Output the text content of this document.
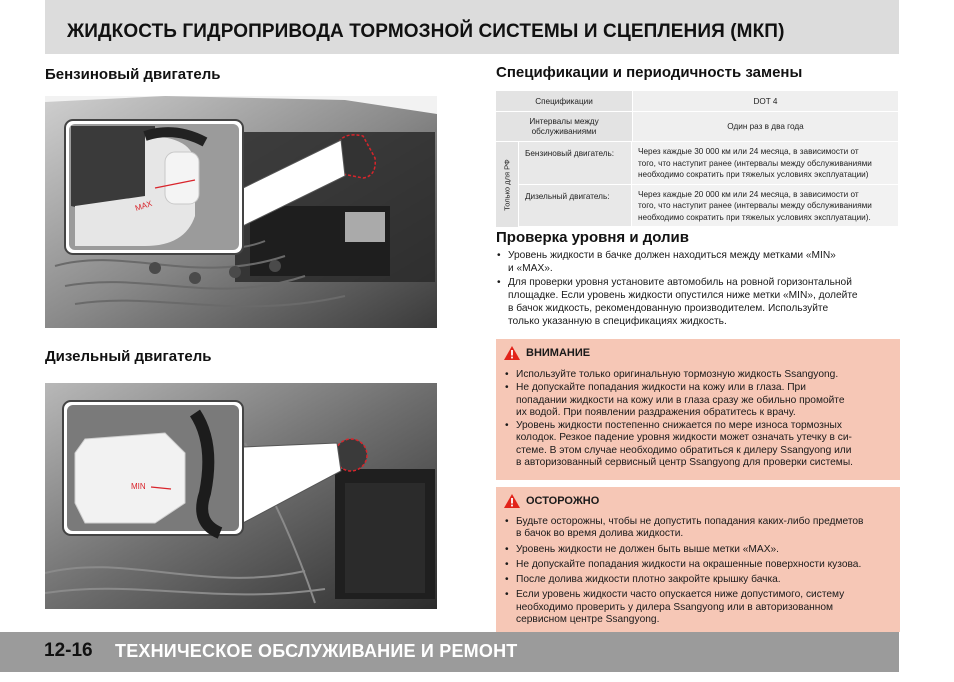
ЖИДКОСТЬ ГИДРОПРИВОДА ТОРМОЗНОЙ СИСТЕМЫ И СЦЕПЛЕНИЯ (МКП)
Бензиновый двигатель
MAX
Дизельный двигатель
MIN
Спецификации и периодичность замены
Спецификации	DOT 4
Интервалы между
обслуживаниями	Один раз в два года
Только для РФ
Бензиновый двигатель:	Через каждые 30 000 км или 24 месяца, в зависимости от
того, что наступит ранее (интервалы между обслуживаниями
необходимо сократить при тяжелых условиях эксплуатации)
Дизельный двигатель:	Через каждые 20 000 км или 24 месяца, в зависимости от
того, что наступит ранее (интервалы между обслуживаниями
необходимо сократить при тяжелых условиях эксплуатации).
Проверка уровня и долив
• Уровень жидкости в бачке должен находиться между метками «MIN»
и «MAX».
• Для проверки уровня установите автомобиль на ровной горизонтальной
площадке. Если уровень жидкости опустился ниже метки «MIN», долейте
в бачок жидкость, рекомендованную производителем. Используйте
только указанную в спецификациях жидкость.
ВНИМАНИЕ
• Используйте только оригинальную тормозную жидкость Ssangyong.
• Не допускайте попадания жидкости на кожу или в глаза. При
попадании жидкости на кожу или в глаза сразу же обильно промойте
их водой. При появлении раздражения обратитесь к врачу.
• Уровень жидкости постепенно снижается по мере износа тормозных
колодок. Резкое падение уровня жидкости может означать утечку в си-
стеме. В этом случае необходимо обратиться к дилеру Ssangyong или
в авторизованный сервисный центр Ssangyong для проверки системы.
ОСТОРОЖНО
• Будьте осторожны, чтобы не допустить попадания каких-либо предметов
в бачок во время долива жидкости.
• Уровень жидкости не должен быть выше метки «MAX».
• Не допускайте попадания жидкости на окрашенные поверхности кузова.
• После долива жидкости плотно закройте крышку бачка.
• Если уровень жидкости часто опускается ниже допустимого, систему
необходимо проверить у дилера Ssangyong или в авторизованном
сервисном центре Ssangyong.
12-16 ТЕХНИЧЕСКОЕ ОБСЛУЖИВАНИЕ И РЕМОНТ
